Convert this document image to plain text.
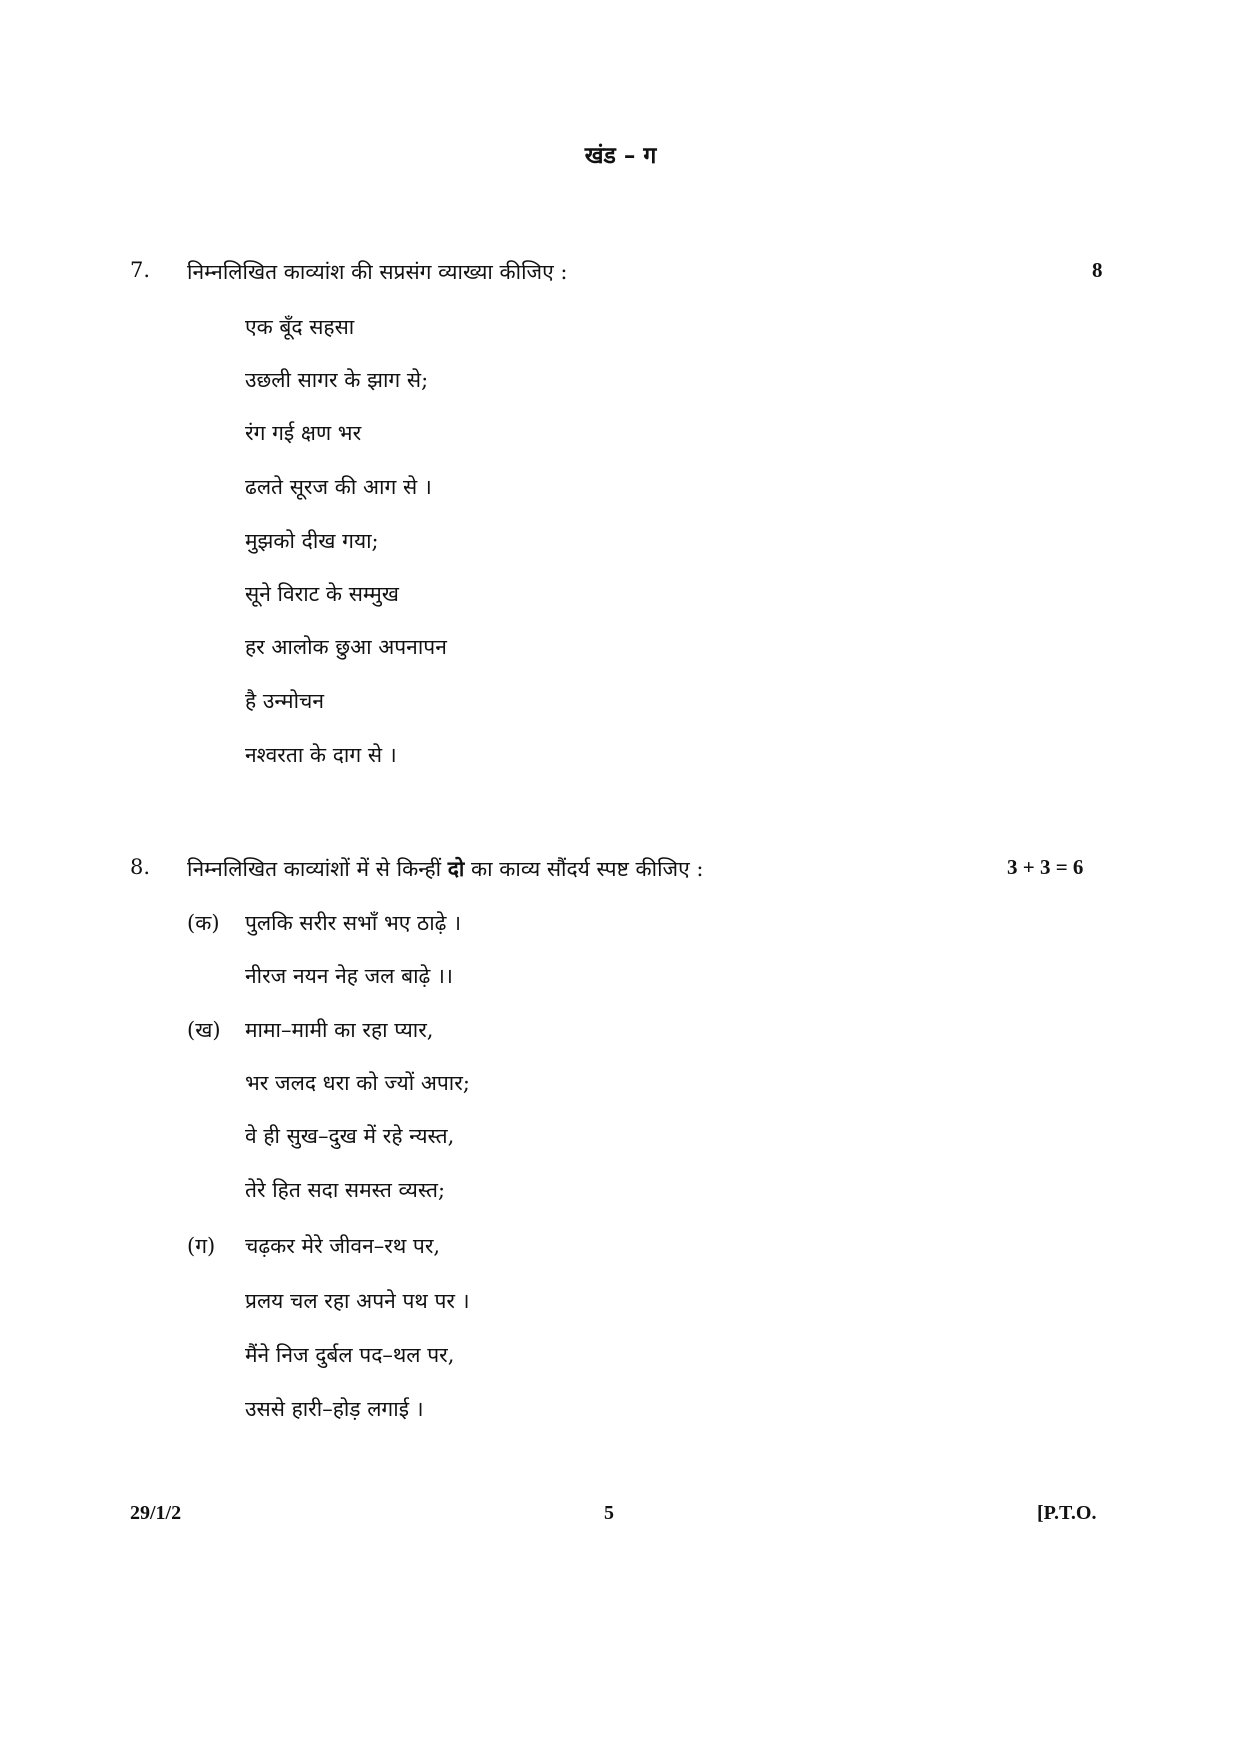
खंड – ग
7. निम्नलिखित काव्यांश की सप्रसंग व्याख्या कीजिए :	8
एक बूँद सहसा
उछली सागर के झाग से;
रंग गई क्षण भर
ढलते सूरज की आग से ।
मुझको दीख गया;
सूने विराट के सम्मुख
हर आलोक छुआ अपनापन
है उन्मोचन
नश्वरता के दाग से ।
8. निम्नलिखित काव्यांशों में से किन्हीं दो का काव्य सौंदर्य स्पष्ट कीजिए :	3 + 3 = 6
(क) पुलकि सरीर सभाँ भए ठाढ़े ।
नीरज नयन नेह जल बाढ़े ।।
(ख) मामा–मामी का रहा प्यार,
भर जलद धरा को ज्यों अपार;
वे ही सुख–दुख में रहे न्यस्त,
तेरे हित सदा समस्त व्यस्त;
(ग) चढ़कर मेरे जीवन–रथ पर,
प्रलय चल रहा अपने पथ पर ।
मैंने निज दुर्बल पद–थल पर,
उससे हारी–होड़ लगाई ।
29/1/2	5	[P.T.O.
